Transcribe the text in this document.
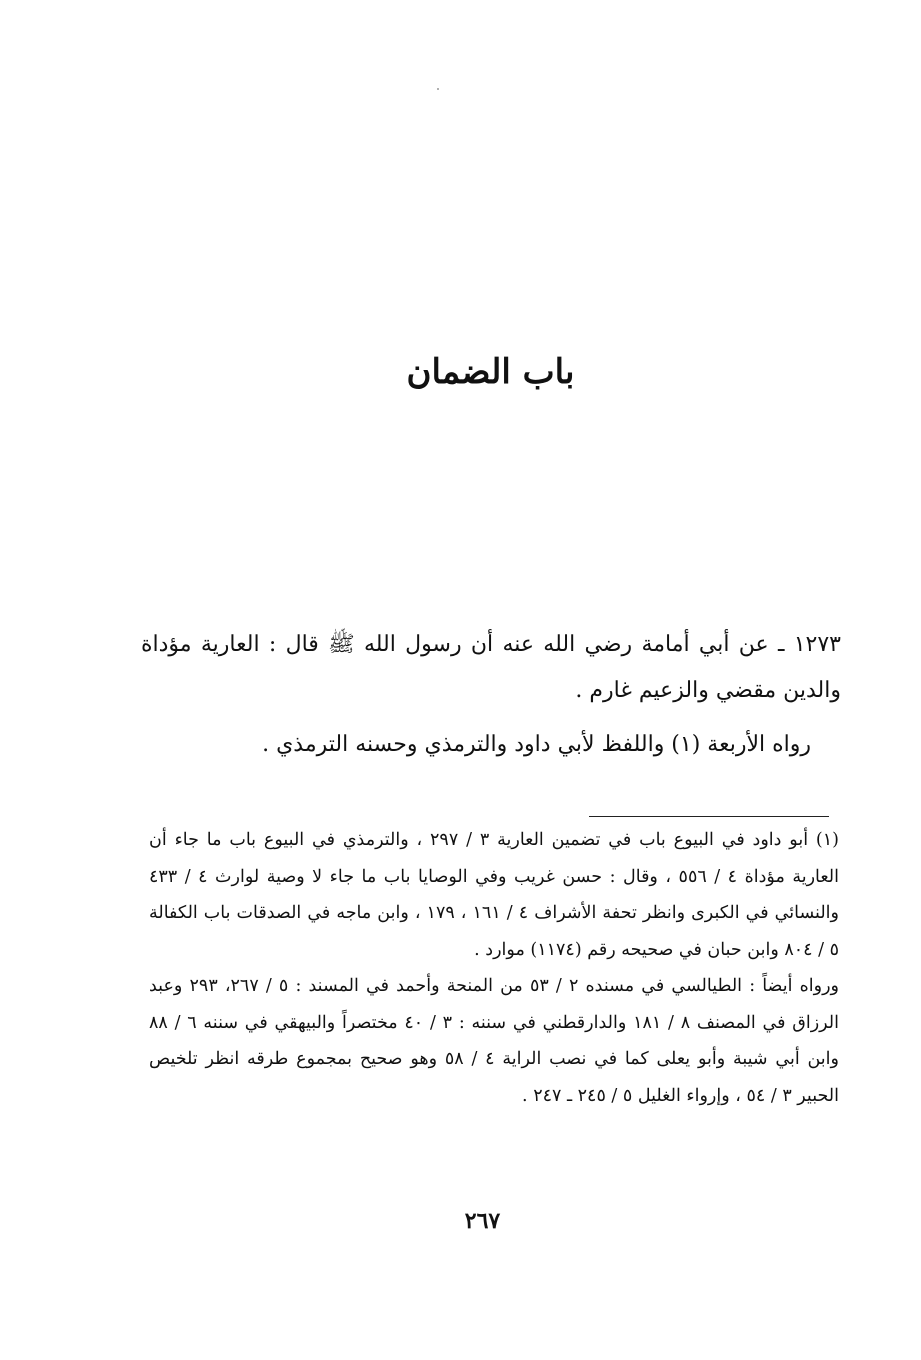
باب الضمان

١٢٧٣ ـ عن أبي أمامة رضي الله عنه أن رسول الله ﷺ قال : العارية مؤداة والدين مقضي والزعيم غارم .

رواه الأربعة (١) واللفظ لأبي داود والترمذي وحسنه الترمذي .

(١) أبو داود في البيوع باب في تضمين العارية ٣ / ٢٩٧ ، والترمذي في البيوع باب ما جاء أن العارية مؤداة ٤ / ٥٥٦ ، وقال : حسن غريب وفي الوصايا باب ما جاء لا وصية لوارث ٤ / ٤٣٣ والنسائي في الكبرى وانظر تحفة الأشراف ٤ / ١٦١ ، ١٧٩ ، وابن ماجه في الصدقات باب الكفالة ٥ / ٨٠٤ وابن حبان في صحيحه رقم (١١٧٤) موارد .

ورواه أيضاً : الطيالسي في مسنده ٢ / ٥٣ من المنحة وأحمد في المسند : ٥ / ٢٦٧، ٢٩٣ وعبد الرزاق في المصنف ٨ / ١٨١ والدارقطني في سننه : ٣ / ٤٠ مختصراً والبيهقي في سننه ٦ / ٨٨ وابن أبي شيبة وأبو يعلى كما في نصب الراية ٤ / ٥٨ وهو صحيح بمجموع طرقه انظر تلخيص الحبير ٣ / ٥٤ ، وإرواء الغليل ٥ / ٢٤٥ ـ ٢٤٧ .

٢٦٧
